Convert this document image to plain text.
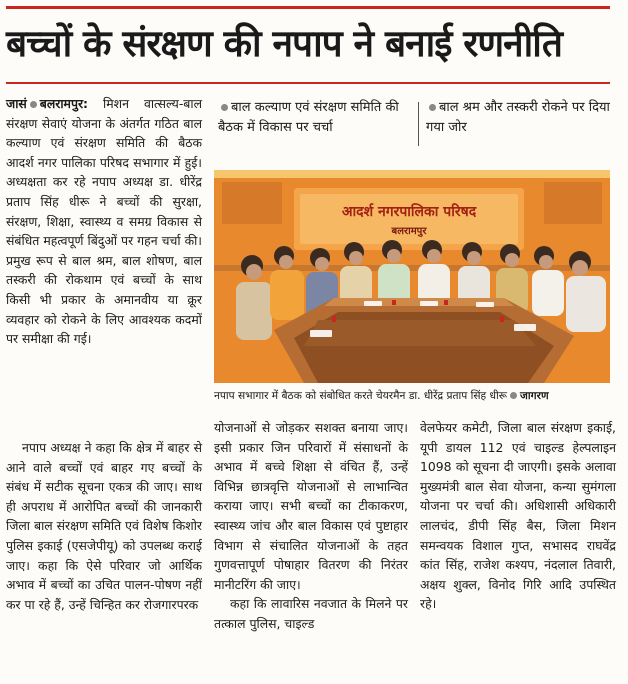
बच्चों के संरक्षण की नपाप ने बनाई रणनीति

जासं बलरामपुर: मिशन वात्सल्य-बाल संरक्षण सेवाएं योजना के अंतर्गत गठित बाल कल्याण एवं संरक्षण समिति की बैठक आदर्श नगर पालिका परिषद सभागार में हुई। अध्यक्षता कर रहे नपाप अध्यक्ष डा. धीरेंद्र प्रताप सिंह धीरू ने बच्चों की सुरक्षा, संरक्षण, शिक्षा, स्वास्थ्य व समग्र विकास से संबंधित महत्वपूर्ण बिंदुओं पर गहन चर्चा की। प्रमुख रूप से बाल श्रम, बाल शोषण, बाल तस्करी की रोकथाम एवं बच्चों के साथ किसी भी प्रकार के अमानवीय या क्रूर व्यवहार को रोकने के लिए आवश्यक कदमों पर समीक्षा की गई।

नपाप अध्यक्ष ने कहा कि क्षेत्र में बाहर से आने वाले बच्चों एवं बाहर गए बच्चों के संबंध में सटीक सूचना एकत्र की जाए। साथ ही अपराध में आरोपित बच्चों की जानकारी जिला बाल संरक्षण समिति एवं विशेष किशोर पुलिस इकाई (एसजेपीयू) को उपलब्ध कराई जाए। कहा कि ऐसे परिवार जो आर्थिक अभाव में बच्चों का उचित पालन-पोषण नहीं कर पा रहे हैं, उन्हें चिन्हित कर रोजगारपरक

बाल कल्याण एवं संरक्षण समिति की बैठक में विकास पर चर्चा
बाल श्रम और तस्करी रोकने पर दिया गया जोर
आदर्श नगरपालिका परिषद
बलरामपुर
नपाप सभागार में बैठक को संबोधित करते चेयरमैन डा. धीरेंद्र प्रताप सिंह धीरू जागरण

योजनाओं से जोड़कर सशक्त बनाया जाए। इसी प्रकार जिन परिवारों में संसाधनों के अभाव में बच्चे शिक्षा से वंचित हैं, उन्हें विभिन्न छात्रवृत्ति योजनाओं से लाभान्वित कराया जाए। सभी बच्चों का टीकाकरण, स्वास्थ्य जांच और बाल विकास एवं पुष्टाहार विभाग से संचालित योजनाओं के तहत गुणवत्तापूर्ण पोषाहार वितरण की निरंतर मानीटरिंग की जाए।

कहा कि लावारिस नवजात के मिलने पर तत्काल पुलिस, चाइल्ड

वेलफेयर कमेटी, जिला बाल संरक्षण इकाई, यूपी डायल 112 एवं चाइल्ड हेल्पलाइन 1098 को सूचना दी जाएगी। इसके अलावा मुख्यमंत्री बाल सेवा योजना, कन्या सुमंगला योजना पर चर्चा की। अधिशासी अधिकारी लालचंद, डीपी सिंह बैस, जिला मिशन समन्वयक विशाल गुप्त, सभासद राघवेंद्र कांत सिंह, राजेश कश्यप, नंदलाल तिवारी, अक्षय शुक्ल, विनोद गिरि आदि उपस्थित रहे।
